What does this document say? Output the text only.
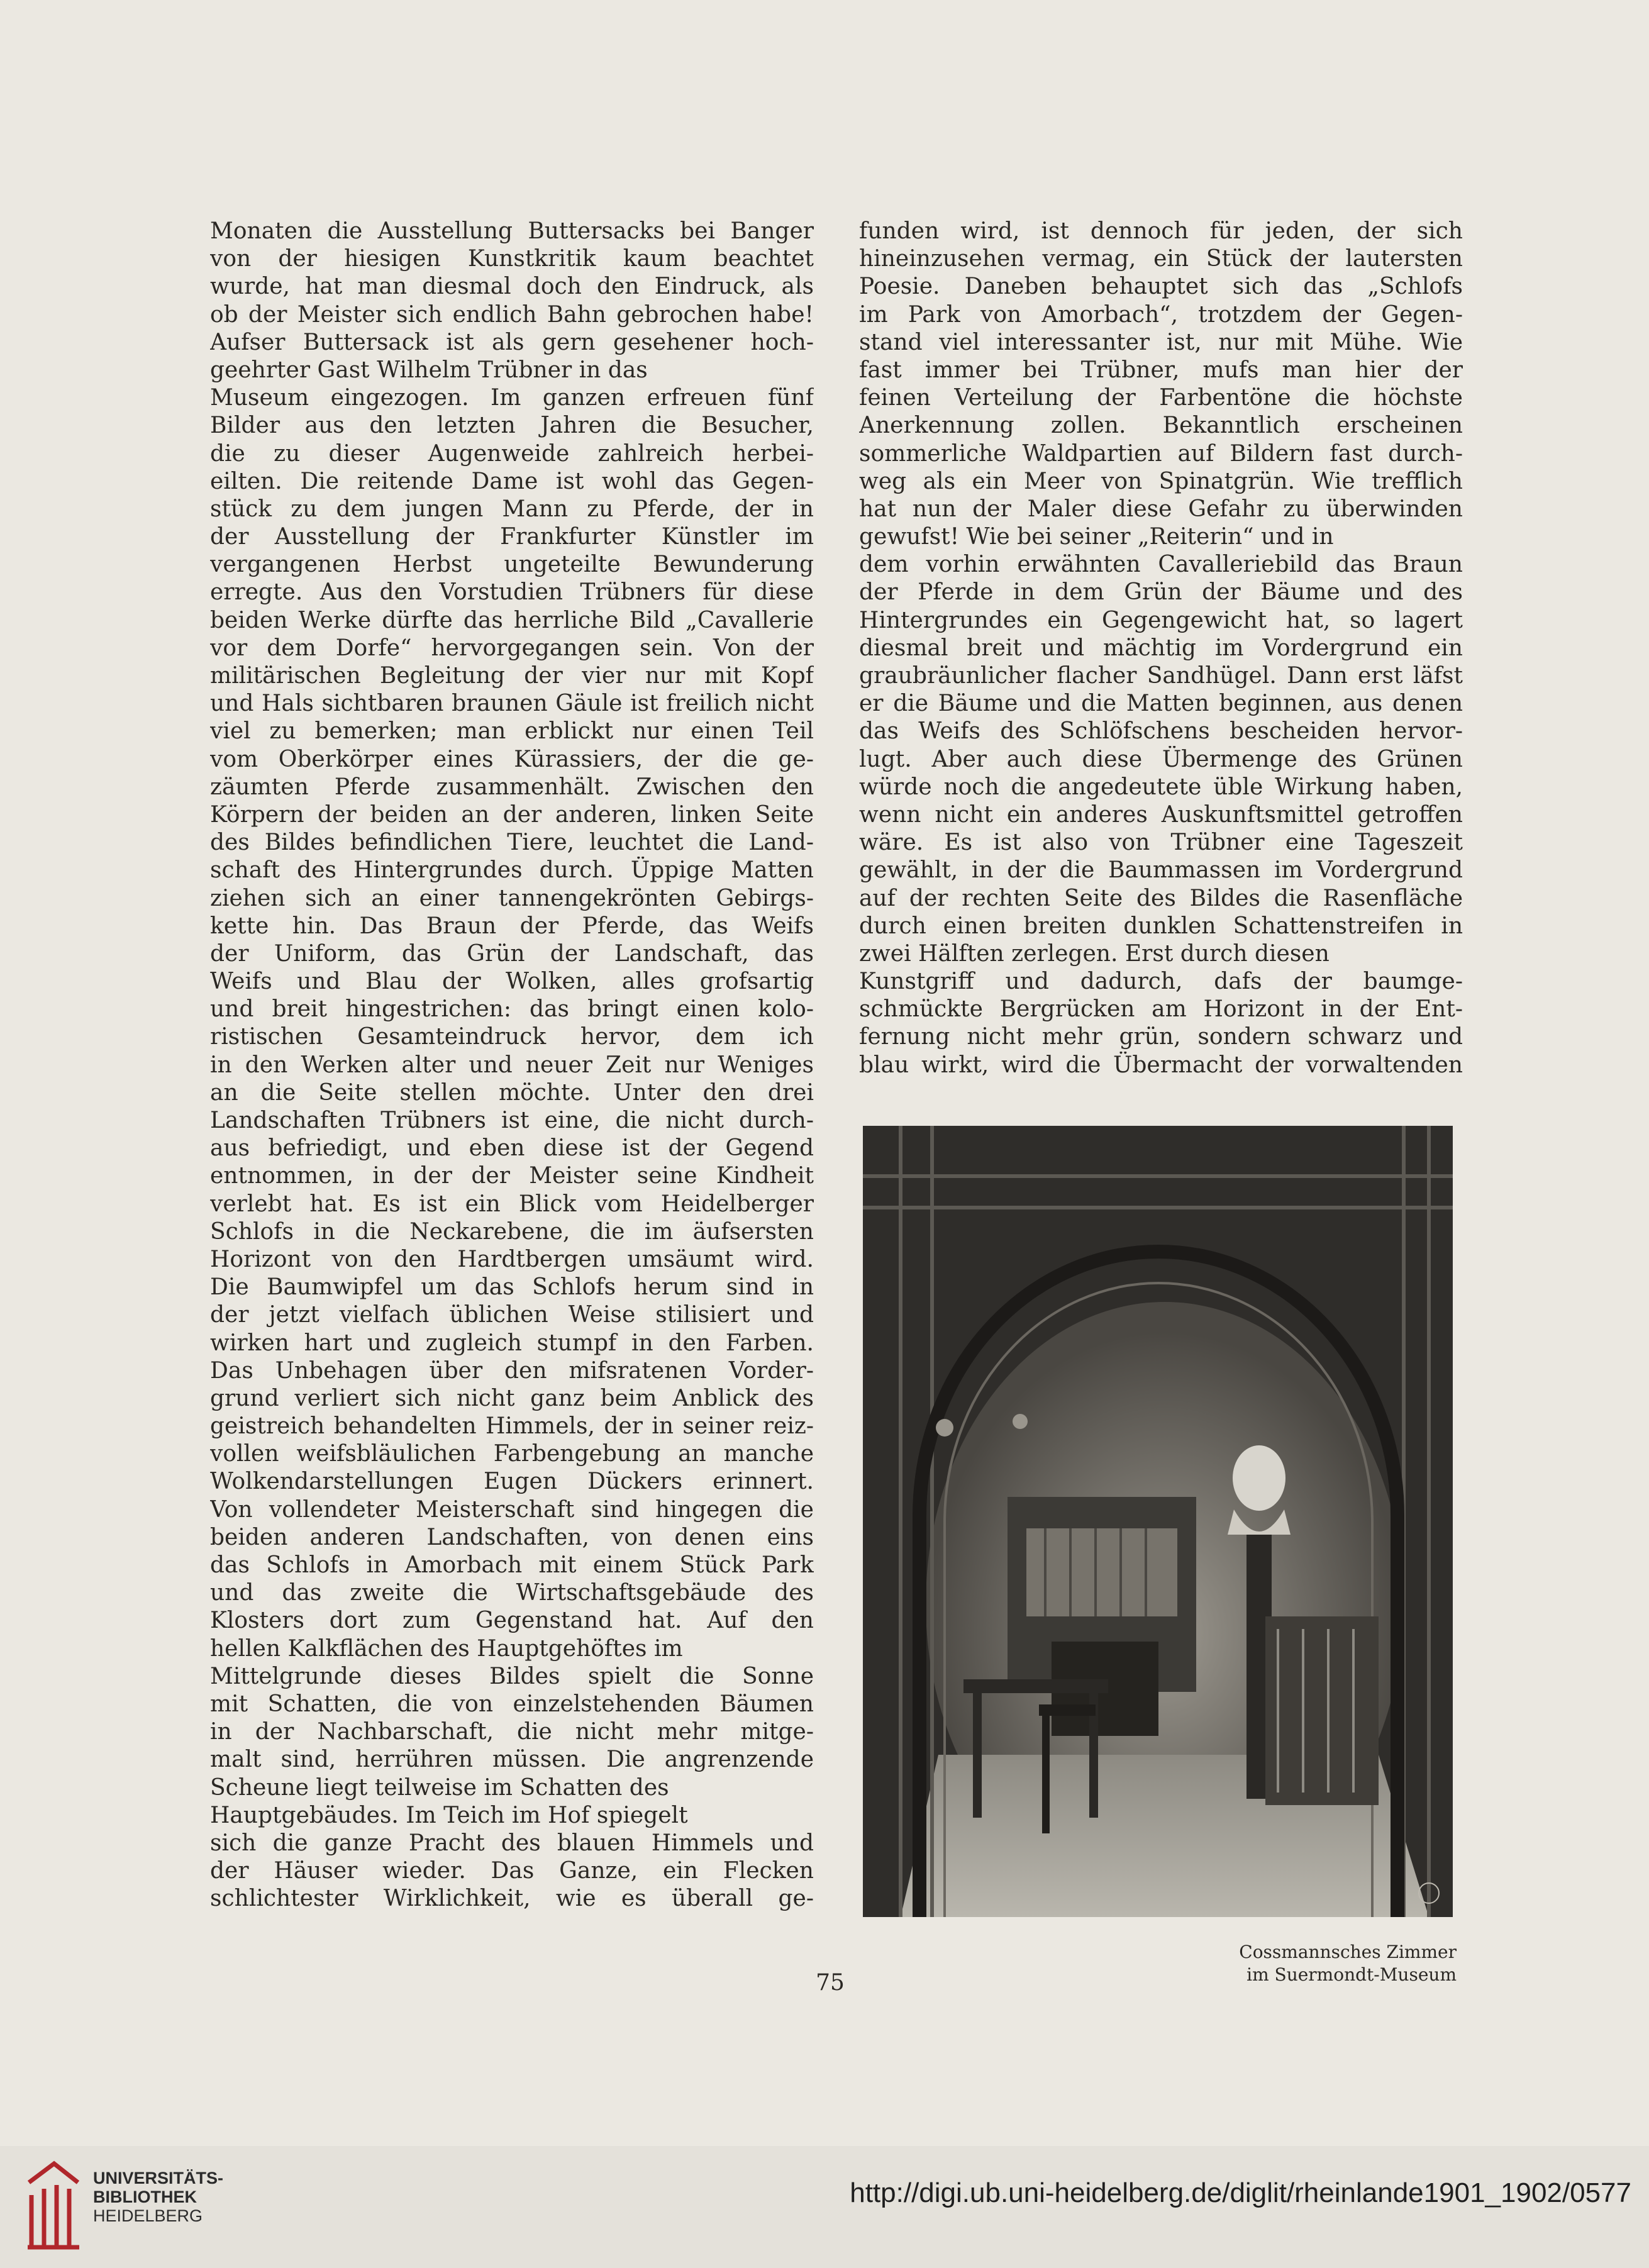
Monaten die Ausstellung Buttersacks bei Banger
von der hiesigen Kunstkritik kaum beachtet
wurde, hat man diesmal doch den Eindruck, als
ob der Meister sich endlich Bahn gebrochen habe!
Aufser Buttersack ist als gern gesehener hoch-
geehrter Gast Wilhelm Trübner in das
Museum eingezogen. Im ganzen erfreuen fünf
Bilder aus den letzten Jahren die Besucher,
die zu dieser Augenweide zahlreich herbei-
eilten. Die reitende Dame ist wohl das Gegen-
stück zu dem jungen Mann zu Pferde, der in
der Ausstellung der Frankfurter Künstler im
vergangenen Herbst ungeteilte Bewunderung
erregte. Aus den Vorstudien Trübners für diese
beiden Werke dürfte das herrliche Bild „Cavallerie
vor dem Dorfe“ hervorgegangen sein. Von der
militärischen Begleitung der vier nur mit Kopf
und Hals sichtbaren braunen Gäule ist freilich nicht
viel zu bemerken; man erblickt nur einen Teil
vom Oberkörper eines Kürassiers, der die ge-
zäumten Pferde zusammenhält. Zwischen den
Körpern der beiden an der anderen, linken Seite
des Bildes befindlichen Tiere, leuchtet die Land-
schaft des Hintergrundes durch. Üppige Matten
ziehen sich an einer tannengekrönten Gebirgs-
kette hin. Das Braun der Pferde, das Weifs
der Uniform, das Grün der Landschaft, das
Weifs und Blau der Wolken, alles grofsartig
und breit hingestrichen: das bringt einen kolo-
ristischen Gesamteindruck hervor, dem ich
in den Werken alter und neuer Zeit nur Weniges
an die Seite stellen möchte. Unter den drei
Landschaften Trübners ist eine, die nicht durch-
aus befriedigt, und eben diese ist der Gegend
entnommen, in der der Meister seine Kindheit
verlebt hat. Es ist ein Blick vom Heidelberger
Schlofs in die Neckarebene, die im äufsersten
Horizont von den Hardtbergen umsäumt wird.
Die Baumwipfel um das Schlofs herum sind in
der jetzt vielfach üblichen Weise stilisiert und
wirken hart und zugleich stumpf in den Farben.
Das Unbehagen über den mifsratenen Vorder-
grund verliert sich nicht ganz beim Anblick des
geistreich behandelten Himmels, der in seiner reiz-
vollen weifsbläulichen Farbengebung an manche
Wolkendarstellungen Eugen Dückers erinnert.
Von vollendeter Meisterschaft sind hingegen die
beiden anderen Landschaften, von denen eins
das Schlofs in Amorbach mit einem Stück Park
und das zweite die Wirtschaftsgebäude des
Klosters dort zum Gegenstand hat. Auf den
hellen Kalkflächen des Hauptgehöftes im
Mittelgrunde dieses Bildes spielt die Sonne
mit Schatten, die von einzelstehenden Bäumen
in der Nachbarschaft, die nicht mehr mitge-
malt sind, herrühren müssen. Die angrenzende
Scheune liegt teilweise im Schatten des
Hauptgebäudes. Im Teich im Hof spiegelt
sich die ganze Pracht des blauen Himmels und
der Häuser wieder. Das Ganze, ein Flecken
schlichtester Wirklichkeit, wie es überall ge-
funden wird, ist dennoch für jeden, der sich
hineinzusehen vermag, ein Stück der lautersten
Poesie. Daneben behauptet sich das „Schlofs
im Park von Amorbach“, trotzdem der Gegen-
stand viel interessanter ist, nur mit Mühe. Wie
fast immer bei Trübner, mufs man hier der
feinen Verteilung der Farbentöne die höchste
Anerkennung zollen. Bekanntlich erscheinen
sommerliche Waldpartien auf Bildern fast durch-
weg als ein Meer von Spinatgrün. Wie trefflich
hat nun der Maler diese Gefahr zu überwinden
gewufst! Wie bei seiner „Reiterin“ und in
dem vorhin erwähnten Cavalleriebild das Braun
der Pferde in dem Grün der Bäume und des
Hintergrundes ein Gegengewicht hat, so lagert
diesmal breit und mächtig im Vordergrund ein
graubräunlicher flacher Sandhügel. Dann erst läfst
er die Bäume und die Matten beginnen, aus denen
das Weifs des Schlöfschens bescheiden hervor-
lugt. Aber auch diese Übermenge des Grünen
würde noch die angedeutete üble Wirkung haben,
wenn nicht ein anderes Auskunftsmittel getroffen
wäre. Es ist also von Trübner eine Tageszeit
gewählt, in der die Baummassen im Vordergrund
auf der rechten Seite des Bildes die Rasenfläche
durch einen breiten dunklen Schattenstreifen in
zwei Hälften zerlegen. Erst durch diesen
Kunstgriff und dadurch, dafs der baumge-
schmückte Bergrücken am Horizont in der Ent-
fernung nicht mehr grün, sondern schwarz und
blau wirkt, wird die Übermacht der vorwaltenden
Cossmannsches Zimmer
im Suermondt-Museum
75
UNIVERSITÄTS-
BIBLIOTHEK
HEIDELBERG
http://digi.ub.uni-heidelberg.de/diglit/rheinlande1901_1902/0577
